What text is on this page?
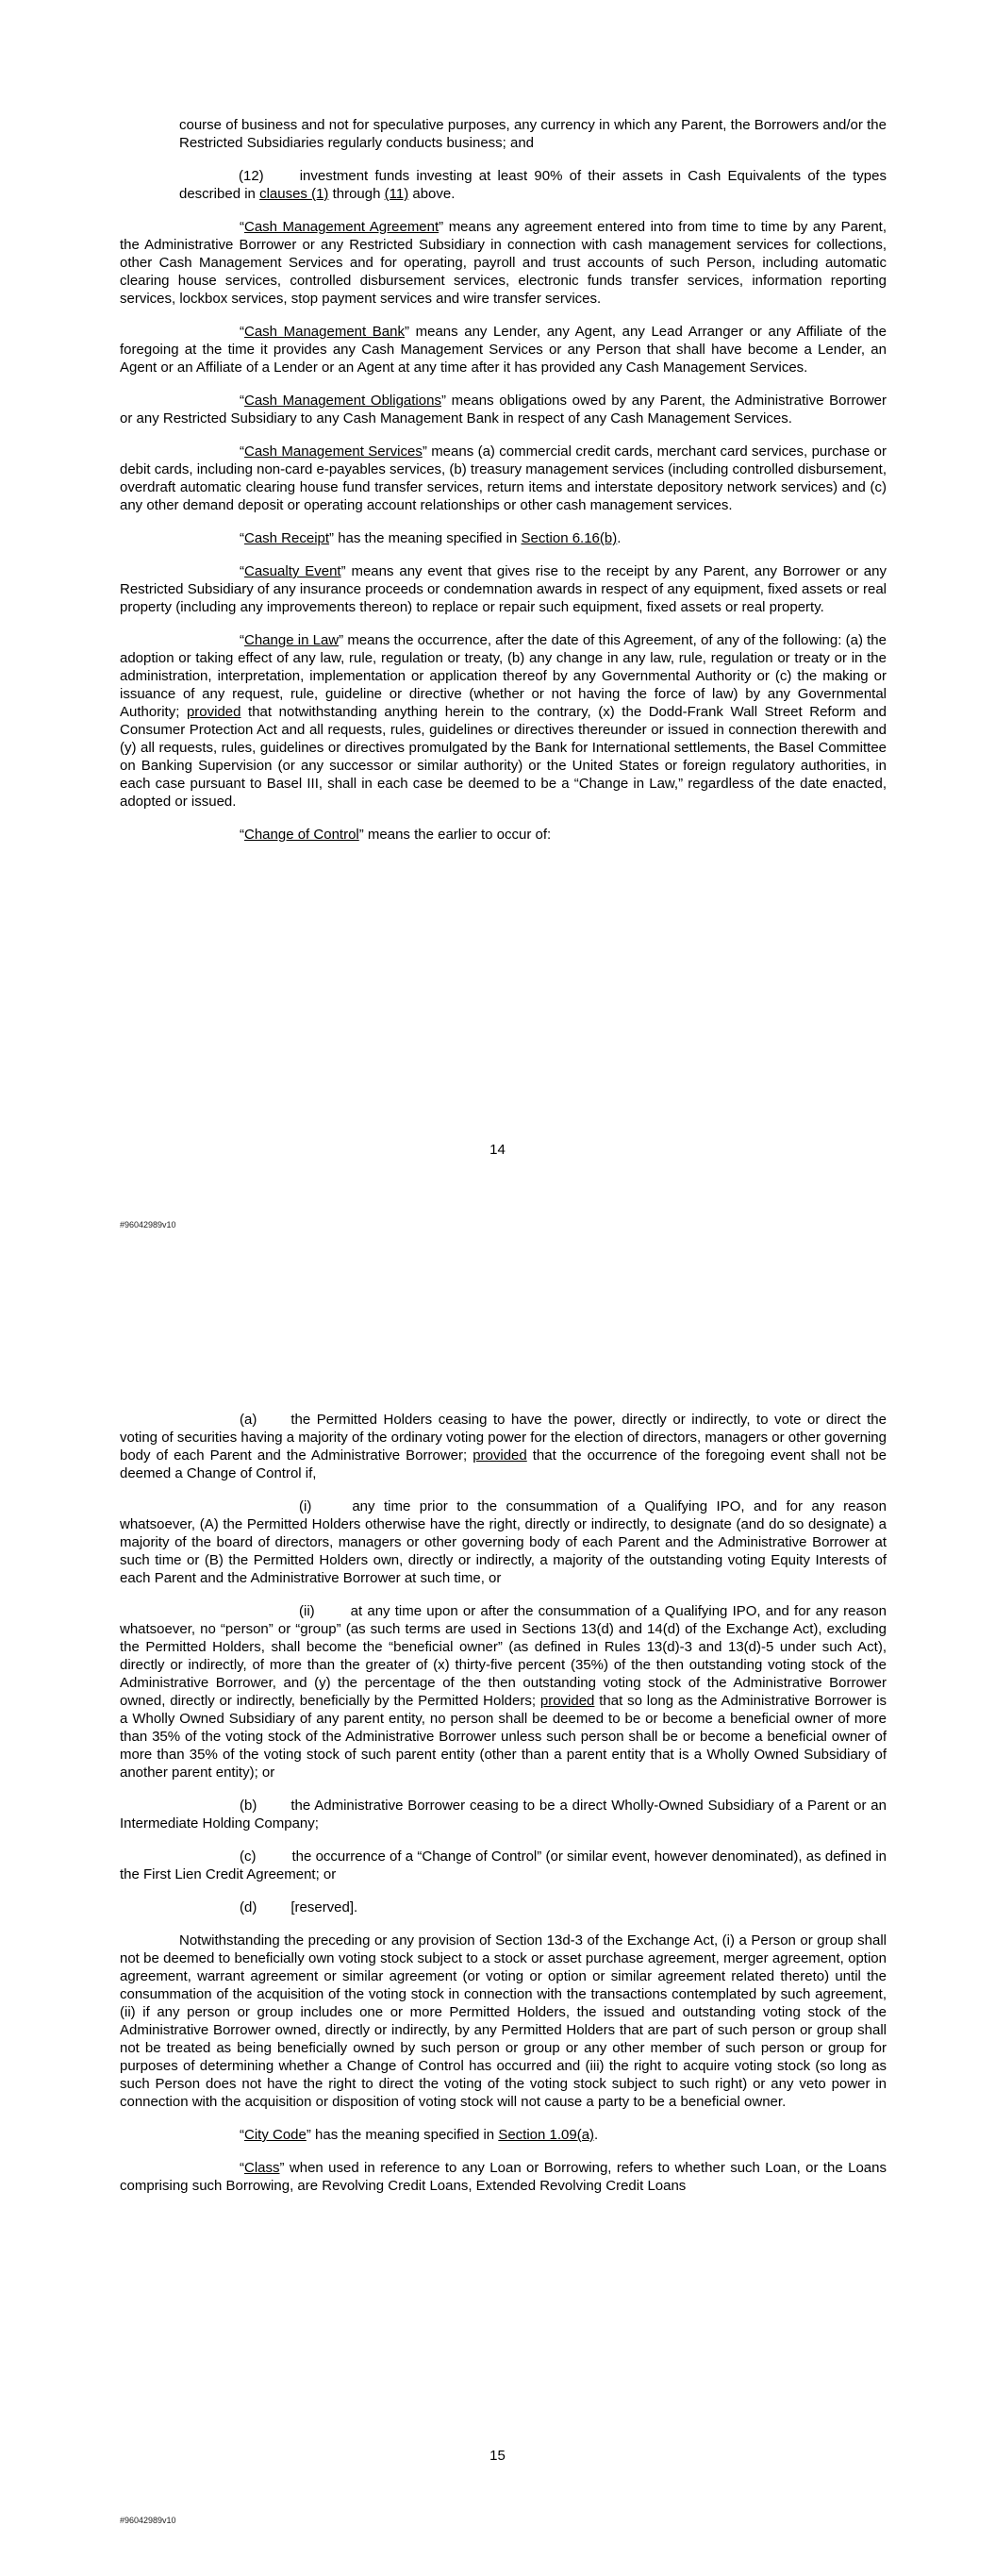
course of business and not for speculative purposes, any currency in which any Parent, the Borrowers and/or the Restricted Subsidiaries regularly conducts business; and

(12)	investment funds investing at least 90% of their assets in Cash Equivalents of the types described in clauses (1) through (11) above.

“Cash Management Agreement” means any agreement entered into from time to time by any Parent, the Administrative Borrower or any Restricted Subsidiary in connection with cash management services for collections, other Cash Management Services and for operating, payroll and trust accounts of such Person, including automatic clearing house services, controlled disbursement services, electronic funds transfer services, information reporting services, lockbox services, stop payment services and wire transfer services.

“Cash Management Bank” means any Lender, any Agent, any Lead Arranger or any Affiliate of the foregoing at the time it provides any Cash Management Services or any Person that shall have become a Lender, an Agent or an Affiliate of a Lender or an Agent at any time after it has provided any Cash Management Services.

“Cash Management Obligations” means obligations owed by any Parent, the Administrative Borrower or any Restricted Subsidiary to any Cash Management Bank in respect of any Cash Management Services.

“Cash Management Services” means (a) commercial credit cards, merchant card services, purchase or debit cards, including non-card e-payables services, (b) treasury management services (including controlled disbursement, overdraft automatic clearing house fund transfer services, return items and interstate depository network services) and (c) any other demand deposit or operating account relationships or other cash management services.

“Cash Receipt” has the meaning specified in Section 6.16(b).

“Casualty Event” means any event that gives rise to the receipt by any Parent, any Borrower or any Restricted Subsidiary of any insurance proceeds or condemnation awards in respect of any equipment, fixed assets or real property (including any improvements thereon) to replace or repair such equipment, fixed assets or real property.

“Change in Law” means the occurrence, after the date of this Agreement, of any of the following: (a) the adoption or taking effect of any law, rule, regulation or treaty, (b) any change in any law, rule, regulation or treaty or in the administration, interpretation, implementation or application thereof by any Governmental Authority or (c) the making or issuance of any request, rule, guideline or directive (whether or not having the force of law) by any Governmental Authority; provided that notwithstanding anything herein to the contrary, (x) the Dodd-Frank Wall Street Reform and Consumer Protection Act and all requests, rules, guidelines or directives thereunder or issued in connection therewith and (y) all requests, rules, guidelines or directives promulgated by the Bank for International settlements, the Basel Committee on Banking Supervision (or any successor or similar authority) or the United States or foreign regulatory authorities, in each case pursuant to Basel III, shall in each case be deemed to be a “Change in Law,” regardless of the date enacted, adopted or issued.

“Change of Control” means the earlier to occur of:

14
#96042989v10

(a) the Permitted Holders ceasing to have the power, directly or indirectly, to vote or direct the voting of securities having a majority of the ordinary voting power for the election of directors, managers or other governing body of each Parent and the Administrative Borrower; provided that the occurrence of the foregoing event shall not be deemed a Change of Control if,

(i)	any time prior to the consummation of a Qualifying IPO, and for any reason whatsoever, (A) the Permitted Holders otherwise have the right, directly or indirectly, to designate (and do so designate) a majority of the board of directors, managers or other governing body of each Parent and the Administrative Borrower at such time or (B) the Permitted Holders own, directly or indirectly, a majority of the outstanding voting Equity Interests of each Parent and the Administrative Borrower at such time, or

(ii)	at any time upon or after the consummation of a Qualifying IPO, and for any reason whatsoever, no “person” or “group” (as such terms are used in Sections 13(d) and 14(d) of the Exchange Act), excluding the Permitted Holders, shall become the “beneficial owner” (as defined in Rules 13(d)-3 and 13(d)-5 under such Act), directly or indirectly, of more than the greater of (x) thirty-five percent (35%) of the then outstanding voting stock of the Administrative Borrower, and (y) the percentage of the then outstanding voting stock of the Administrative Borrower owned, directly or indirectly, beneficially by the Permitted Holders; provided that so long as the Administrative Borrower is a Wholly Owned Subsidiary of any parent entity, no person shall be deemed to be or become a beneficial owner of more than 35% of the voting stock of the Administrative Borrower unless such person shall be or become a beneficial owner of more than 35% of the voting stock of such parent entity (other than a parent entity that is a Wholly Owned Subsidiary of another parent entity); or

(b) the Administrative Borrower ceasing to be a direct Wholly-Owned Subsidiary of a Parent or an Intermediate Holding Company;

(c)	the occurrence of a “Change of Control” (or similar event, however denominated), as defined in the First Lien Credit Agreement; or

(d) [reserved].

Notwithstanding the preceding or any provision of Section 13d-3 of the Exchange Act, (i) a Person or group shall not be deemed to beneficially own voting stock subject to a stock or asset purchase agreement, merger agreement, option agreement, warrant agreement or similar agreement (or voting or option or similar agreement related thereto) until the consummation of the acquisition of the voting stock in connection with the transactions contemplated by such agreement, (ii) if any person or group includes one or more Permitted Holders, the issued and outstanding voting stock of the Administrative Borrower owned, directly or indirectly, by any Permitted Holders that are part of such person or group shall not be treated as being beneficially owned by such person or group or any other member of such person or group for purposes of determining whether a Change of Control has occurred and (iii) the right to acquire voting stock (so long as such Person does not have the right to direct the voting of the voting stock subject to such right) or any veto power in connection with the acquisition or disposition of voting stock will not cause a party to be a beneficial owner.

“City Code” has the meaning specified in Section 1.09(a).

“Class” when used in reference to any Loan or Borrowing, refers to whether such Loan, or the Loans comprising such Borrowing, are Revolving Credit Loans, Extended Revolving Credit Loans

15
#96042989v10
